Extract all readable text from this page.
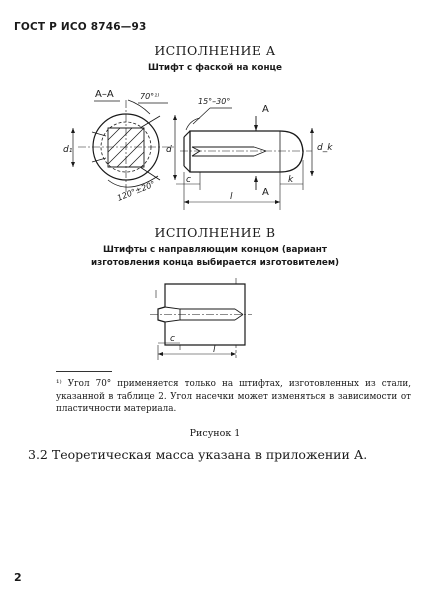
ГОСТ Р ИСО 8746—93
ИСПОЛНЕНИЕ А
Штифт с фаской на конце
А–А	70°¹⁾
120°±20°
d₁	d
15°–30°
А
А
d_k
c
l
k
ИСПОЛНЕНИЕ В
Штифты с направляющим концом (вариант
изготовления конца выбирается изготовителем)
c
l
¹⁾ Угол 70° применяется только на штифтах, изготовленных из стали, указанной в таблице 2. Угол насечки может изменяться в зависимости от пластичности материала.
Рисунок 1
3.2 Теоретическая масса указана в приложении А.
2
